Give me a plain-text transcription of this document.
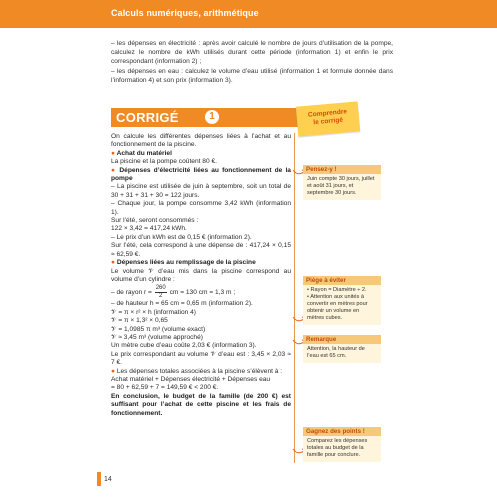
Calculs numériques, arithmétique

– les dépenses en électricité : après avoir calculé le nombre de jours d’utilisation de la pompe, calculez le nombre de kWh utilisés durant cette période (information 1) et enfin le prix correspondant (information 2) ;

– les dépenses en eau : calculez le volume d’eau utilisé (information 1 et formule donnée dans l’information 4) et son prix (information 3).

CORRIGÉ	1	Comprendre
le corrigé

On calcule les différentes dépenses liées à l’achat et au fonctionnement de la piscine.

● Achat du matériel

La piscine et la pompe coûtent 80 €.

● Dépenses d’électricité liées au fonctionnement de la pompe

– La piscine est utilisée de juin à septembre, soit un total de 30 + 31 + 31 + 30 = 122 jours.

– Chaque jour, la pompe consomme 3,42 kWh (information 1).

Sur l’été, seront consommés :

122 × 3,42 = 417,24 kWh.

– Le prix d’un kWh est de 0,15 € (information 2).

Sur l’été, cela correspond à une dépense de : 417,24 × 0,15 ≈ 62,59 €.

● Dépenses liées au remplissage de la piscine

Le volume 𝒱 d’eau mis dans la piscine correspond au volume d’un cylindre :

– de rayon $r = \frac{260}{2}$ cm = 130 cm = 1,3 m ;

– de hauteur h = 65 cm = 0,65 m (information 2).

𝒱 = π × r² × h (information 4)

𝒱 = π × 1,3² × 0,65

𝒱 = 1,0985 π m³ (volume exact)

𝒱 ≈ 3,45 m³ (volume approché)

Un mètre cube d’eau coûte 2,03 € (information 3).

Le prix correspondant au volume 𝒱 d’eau est : 3,45 × 2,03 ≈ 7 €.

● Les dépenses totales associées à la piscine s’élèvent à :

Achat matériel + Dépenses électricité + Dépenses eau

= 80 + 62,59 + 7 = 149,59 € < 200 €.

En conclusion, le budget de la famille (de 200 €) est suffisant pour l’achat de cette piscine et les frais de fonctionnement.

Pensez-y !

Juin compte 30 jours, juillet et août 31 jours, et septembre 30 jours.

Piège à éviter

• Rayon = Diamètre ÷ 2.

• Attention aux unités à convertir en mètres pour obtenir un volume en mètres cubes.

Remarque

Attention, la hauteur de l’eau est 65 cm.

Gagnez des points !

Comparez les dépenses totales au budget de la famille pour conclure.

14
